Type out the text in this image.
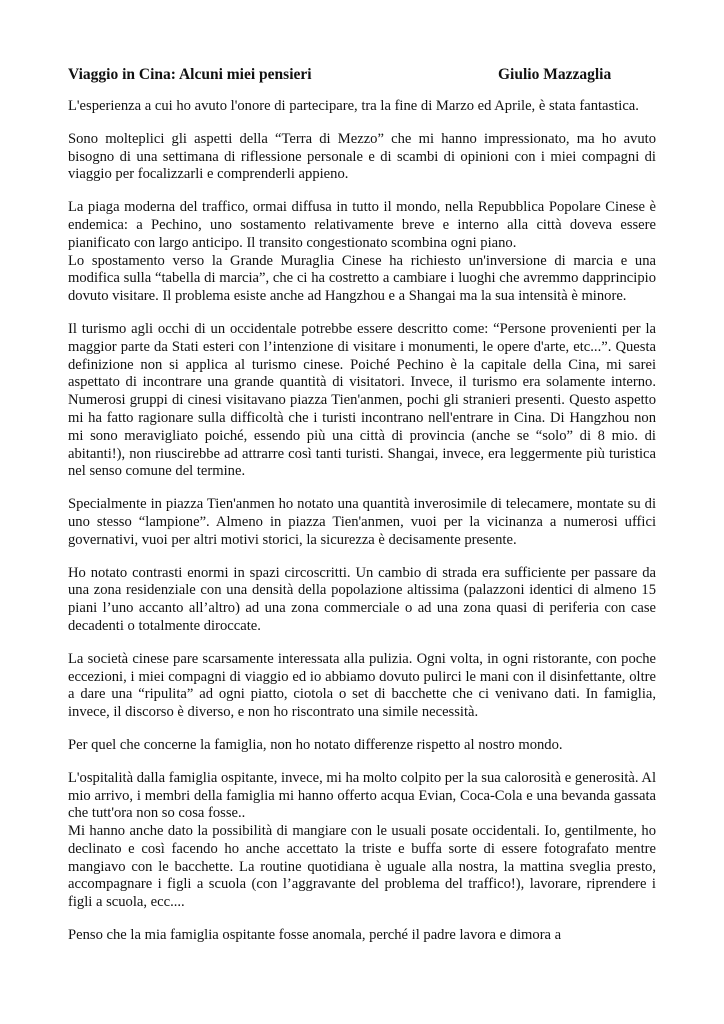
Viaggio in Cina: Alcuni miei pensieri	Giulio Mazzaglia

L'esperienza a cui ho avuto l'onore di partecipare, tra la fine di Marzo ed Aprile, è stata fantastica.

Sono molteplici gli aspetti della “Terra di Mezzo” che mi hanno impressionato, ma ho avuto bisogno di una settimana di riflessione personale e di scambi di opinioni con i miei compagni di viaggio per focalizzarli e comprenderli appieno.

La piaga moderna del traffico, ormai diffusa in tutto il mondo, nella Repubblica Popolare Cinese è endemica: a Pechino, uno sostamento relativamente breve e interno alla città doveva essere pianificato con largo anticipo. Il transito congestionato scombina ogni piano.
Lo spostamento verso la Grande Muraglia Cinese ha richiesto un'inversione di marcia e una modifica sulla “tabella di marcia”, che ci ha costretto a cambiare i luoghi che avremmo dapprincipio dovuto visitare. Il problema esiste anche ad Hangzhou e a Shangai ma la sua intensità è minore.

Il turismo agli occhi di un occidentale potrebbe essere descritto come: “Persone provenienti per la maggior parte da Stati esteri con l’intenzione di visitare i monumenti, le opere d'arte, etc...”. Questa definizione non si applica al turismo cinese. Poiché Pechino è la capitale della Cina, mi sarei aspettato di incontrare una grande quantità di visitatori. Invece, il turismo era solamente interno. Numerosi gruppi di cinesi visitavano piazza Tien'anmen, pochi gli stranieri presenti. Questo aspetto mi ha fatto ragionare sulla difficoltà che i turisti incontrano nell'entrare in Cina. Di Hangzhou non mi sono meravigliato poiché, essendo più una città di provincia (anche se “solo” di 8 mio. di abitanti!), non riuscirebbe ad attrarre così tanti turisti. Shangai, invece, era leggermente più turistica nel senso comune del termine.

Specialmente in piazza Tien'anmen ho notato una quantità inverosimile di telecamere, montate su di uno stesso “lampione”. Almeno in piazza Tien'anmen, vuoi per la vicinanza a numerosi uffici governativi, vuoi per altri motivi storici, la sicurezza è decisamente presente.

Ho notato contrasti enormi in spazi circoscritti. Un cambio di strada era sufficiente per passare da una zona residenziale con una densità della popolazione altissima (palazzoni identici di almeno 15 piani l’uno accanto all’altro) ad una zona commerciale o ad una zona quasi di periferia con case decadenti o totalmente diroccate.

La società cinese pare scarsamente interessata alla pulizia. Ogni volta, in ogni ristorante, con poche eccezioni, i miei compagni di viaggio ed io abbiamo dovuto pulirci le mani con il disinfettante, oltre a dare una “ripulita” ad ogni piatto, ciotola o set di bacchette che ci venivano dati. In famiglia, invece, il discorso è diverso, e non ho riscontrato una simile necessità.

Per quel che concerne la famiglia, non ho notato differenze rispetto al nostro mondo.

L'ospitalità dalla famiglia ospitante, invece, mi ha molto colpito per la sua calorosità e generosità. Al mio arrivo, i membri della famiglia mi hanno offerto acqua Evian, Coca-Cola e una bevanda gassata che tutt'ora non so cosa fosse..
Mi hanno anche dato la possibilità di mangiare con le usuali posate occidentali. Io, gentilmente, ho declinato e così facendo ho anche accettato la triste e buffa sorte di essere fotografato mentre mangiavo con le bacchette. La routine quotidiana è uguale alla nostra, la mattina sveglia presto, accompagnare i figli a scuola (con l’aggravante del problema del traffico!), lavorare, riprendere i figli a scuola, ecc....

Penso che la mia famiglia ospitante fosse anomala, perché il padre lavora e dimora a
